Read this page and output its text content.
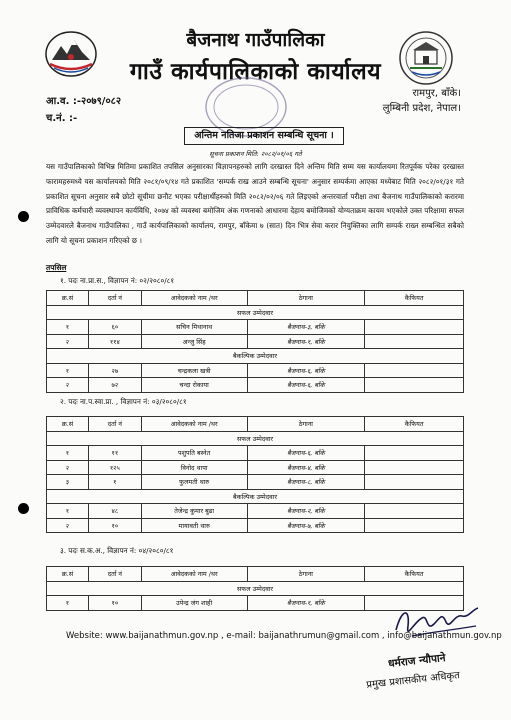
बैजनाथ गाउँपालिका
गाउँ कार्यपालिकाको कार्यालय
रामपुर, बाँके।
लुम्बिनी प्रदेश, नेपाल।
आ.व. :-२०७९/०८२
च.नं. :-
अन्तिम नतिजा प्रकाशन सम्बन्धि सूचना ।
सूचना प्रकाशन मिति: २०८२/०१/०६ गते
यस गाउँपालिकाको विभिन्न मितिमा प्रकाशित तपसिल अनुसारका विज्ञापनहरुको लागि दरखास्त दिने अन्तिम मिति सम्म यस कार्यालयमा रितपूर्वक परेका दरखास्त फारामहरुमध्ये यस कार्यालयको मिति २०८१/०९/१४ गते प्रकाशित 'सम्पर्क राख आउने सम्बन्धि सूचना' अनुसार सम्पर्कमा आएका मध्येबाट मिति २०८२/०१/३१ गते प्रकाशित सूचना अनुसार सबै छोटो सूचीमा छनौट भएका परीक्षार्थीहरुको मिति २०८२/०२/०६ गते लिइएको अन्तरवार्ता परीक्षा तथा बैजनाथ गाउँपालिकाको करारमा प्राविधिक कर्मचारी व्यवस्थापन कार्यविधि, २०७४ को व्यवस्था बमोजिम अंक गणनाको आधारमा देहाय बमोजिमको योग्यताक्रम कायम भएकोले उक्त परिक्षामा सफल उम्मेदवारले बैजनाथ गाउँपालिका , गाउँ कार्यपालिकाको कार्यालय, रामपुर, बाँकेमा ७ (सात) दिन भित्र सेवा करार नियुक्तिका लागि सम्पर्क राख्न सम्बन्धित सबैको लागि यो सूचना प्रकाशन गरिएको छ ।
तपसिल
१. पदः ना.प्रा.स., विज्ञापन नं: ०२/२०८०/८१
क्र.सं	दर्ता नं	आवेदकको नाम /थर	ठेगाना	कैफियत
सफल उम्मेदवार				
१	६०	सचिन मिथानाथ	बैजनाथ-३, बाँके	
२	११४	अन्जु सिंह	बैजनाथ-१, बाँके	
बैकल्पिक उम्मेदवार				
१	२७	चन्द्रकला खत्री	बैजनाथ-६, बाँके	
२	७२	चन्दा रोकाया	बैजनाथ-६, बाँके	
२. पदः ना.प.स्वा.प्रा. , विज्ञापन नं: ०३/२०८०/८१
क्र.सं	दर्ता नं	आवेदकको नाम /थर	ठेगाना	कैफियत
सफल उम्मेदवार				
१	११	पशुपति बस्नेत	बैजनाथ-६, बाँके	
२	१२५	विनोद थापा	बैजनाथ-४, बाँके	
३	१	फुलमती थारु	बैजनाथ-८, बाँके	
बैकल्पिक उम्मेदवार				
१	४८	तेजेन्द्र कुमार बुढा	बैजनाथ-२, बाँके	
२	१०	मायावती थारु	बैजनाथ-७, बाँके	
३. पदः स.क.अ., विज्ञापन नं: ०४/२०८०/८१
क्र.सं	दर्ता नं	आवेदकको नाम /थर	ठेगाना	कैफियत
सफल उम्मेदवार				
१	१०	उपेन्द्र जंग शाही	बैजनाथ-१, बाँके	
Website: www.baijanathmun.gov.np , e-mail: baijanathrumun@gmail.com , info@baijanathmun.gov.np
धर्मराज न्यौपाने
प्रमुख प्रशासकीय अधिकृत
